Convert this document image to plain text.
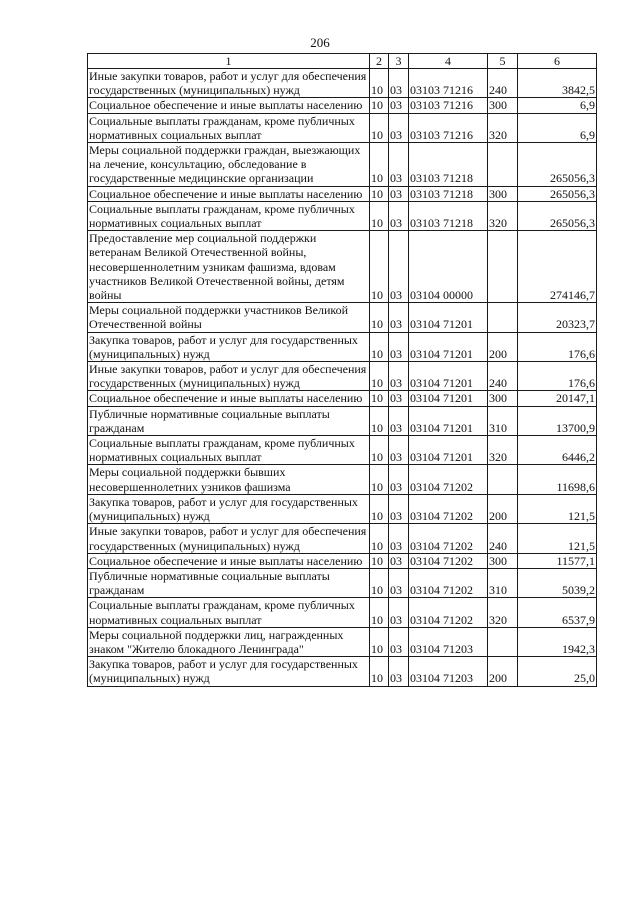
206
1	2	3	4	5	6
Иные закупки товаров, работ и услуг для обеспечения государственных (муниципальных) нужд	10	03	03103 71216	240	3842,5
Социальное обеспечение и иные выплаты населению	10	03	03103 71216	300	6,9
Социальные выплаты гражданам, кроме публичных нормативных социальных выплат	10	03	03103 71216	320	6,9
Меры социальной поддержки граждан, выезжающих на лечение, консультацию, обследование в государственные медицинские организации	10	03	03103 71218		265056,3
Социальное обеспечение и иные выплаты населению	10	03	03103 71218	300	265056,3
Социальные выплаты гражданам, кроме публичных нормативных социальных выплат	10	03	03103 71218	320	265056,3
Предоставление мер социальной поддержки ветеранам Великой Отечественной войны, несовершеннолетним узникам фашизма, вдовам участников Великой Отечественной войны, детям войны	10	03	03104 00000		274146,7
Меры социальной поддержки участников Великой Отечественной войны	10	03	03104 71201		20323,7
Закупка товаров, работ и услуг для государственных (муниципальных) нужд	10	03	03104 71201	200	176,6
Иные закупки товаров, работ и услуг для обеспечения государственных (муниципальных) нужд	10	03	03104 71201	240	176,6
Социальное обеспечение и иные выплаты населению	10	03	03104 71201	300	20147,1
Публичные нормативные социальные выплаты гражданам	10	03	03104 71201	310	13700,9
Социальные выплаты гражданам, кроме публичных нормативных социальных выплат	10	03	03104 71201	320	6446,2
Меры социальной поддержки бывших несовершеннолетних узников фашизма	10	03	03104 71202		11698,6
Закупка товаров, работ и услуг для государственных (муниципальных) нужд	10	03	03104 71202	200	121,5
Иные закупки товаров, работ и услуг для обеспечения государственных (муниципальных) нужд	10	03	03104 71202	240	121,5
Социальное обеспечение и иные выплаты населению	10	03	03104 71202	300	11577,1
Публичные нормативные социальные выплаты гражданам	10	03	03104 71202	310	5039,2
Социальные выплаты гражданам, кроме публичных нормативных социальных выплат	10	03	03104 71202	320	6537,9
Меры социальной поддержки лиц, награжденных знаком "Жителю блокадного Ленинграда"	10	03	03104 71203		1942,3
Закупка товаров, работ и услуг для государственных (муниципальных) нужд	10	03	03104 71203	200	25,0
